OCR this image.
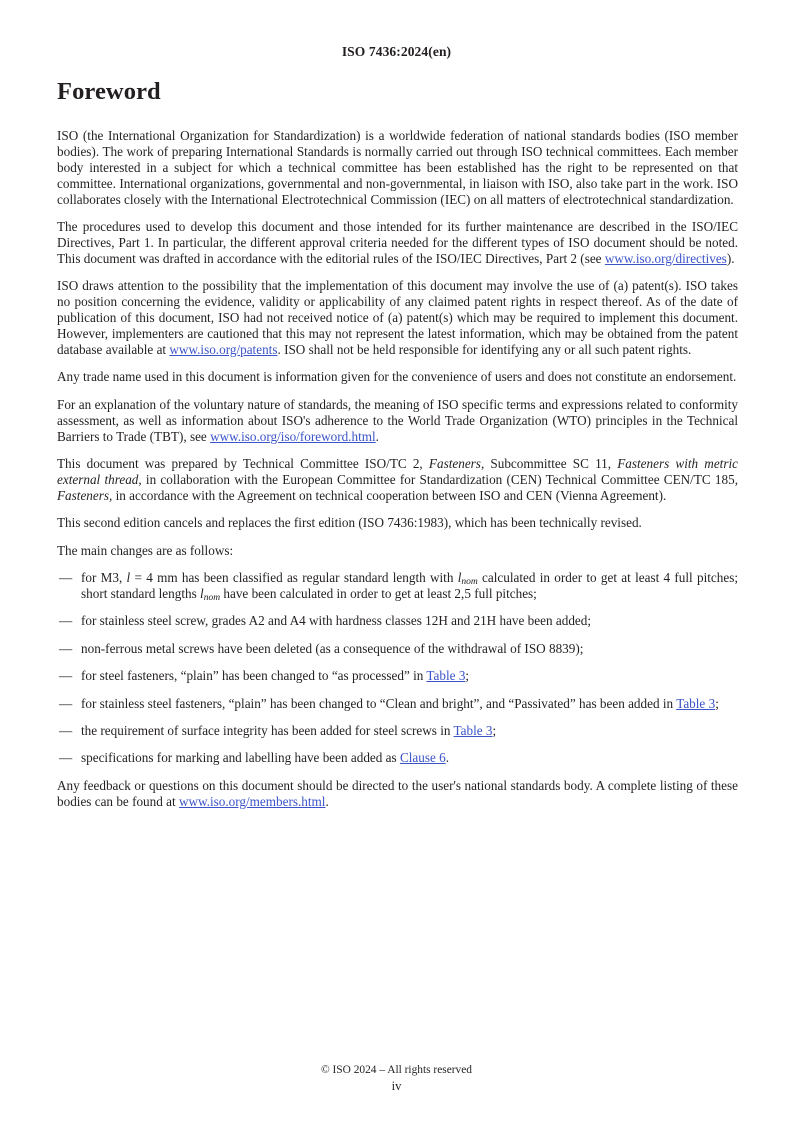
ISO 7436:2024(en)
Foreword

ISO (the International Organization for Standardization) is a worldwide federation of national standards bodies (ISO member bodies). The work of preparing International Standards is normally carried out through ISO technical committees. Each member body interested in a subject for which a technical committee has been established has the right to be represented on that committee. International organizations, governmental and non-governmental, in liaison with ISO, also take part in the work. ISO collaborates closely with the International Electrotechnical Commission (IEC) on all matters of electrotechnical standardization.

The procedures used to develop this document and those intended for its further maintenance are described in the ISO/IEC Directives, Part 1. In particular, the different approval criteria needed for the different types of ISO document should be noted. This document was drafted in accordance with the editorial rules of the ISO/IEC Directives, Part 2 (see www.iso.org/directives).

ISO draws attention to the possibility that the implementation of this document may involve the use of (a) patent(s). ISO takes no position concerning the evidence, validity or applicability of any claimed patent rights in respect thereof. As of the date of publication of this document, ISO had not received notice of (a) patent(s) which may be required to implement this document. However, implementers are cautioned that this may not represent the latest information, which may be obtained from the patent database available at www.iso.org/patents. ISO shall not be held responsible for identifying any or all such patent rights.

Any trade name used in this document is information given for the convenience of users and does not constitute an endorsement.

For an explanation of the voluntary nature of standards, the meaning of ISO specific terms and expressions related to conformity assessment, as well as information about ISO's adherence to the World Trade Organization (WTO) principles in the Technical Barriers to Trade (TBT), see www.iso.org/iso/foreword.html.

This document was prepared by Technical Committee ISO/TC 2, Fasteners, Subcommittee SC 11, Fasteners with metric external thread, in collaboration with the European Committee for Standardization (CEN) Technical Committee CEN/TC 185, Fasteners, in accordance with the Agreement on technical cooperation between ISO and CEN (Vienna Agreement).

This second edition cancels and replaces the first edition (ISO 7436:1983), which has been technically revised.

The main changes are as follows:

— for M3, l = 4 mm has been classified as regular standard length with $l_{nom}$ calculated in order to get at least 4 full pitches; short standard lengths $l_{nom}$ have been calculated in order to get at least 2,5 full pitches;
— for stainless steel screw, grades A2 and A4 with hardness classes 12H and 21H have been added;
— non-ferrous metal screws have been deleted (as a consequence of the withdrawal of ISO 8839);
— for steel fasteners, “plain” has been changed to “as processed” in Table 3;
— for stainless steel fasteners, “plain” has been changed to “Clean and bright”, and “Passivated” has been added in Table 3;
— the requirement of surface integrity has been added for steel screws in Table 3;
— specifications for marking and labelling have been added as Clause 6.

Any feedback or questions on this document should be directed to the user's national standards body. A complete listing of these bodies can be found at www.iso.org/members.html.

© ISO 2024 – All rights reserved

iv
